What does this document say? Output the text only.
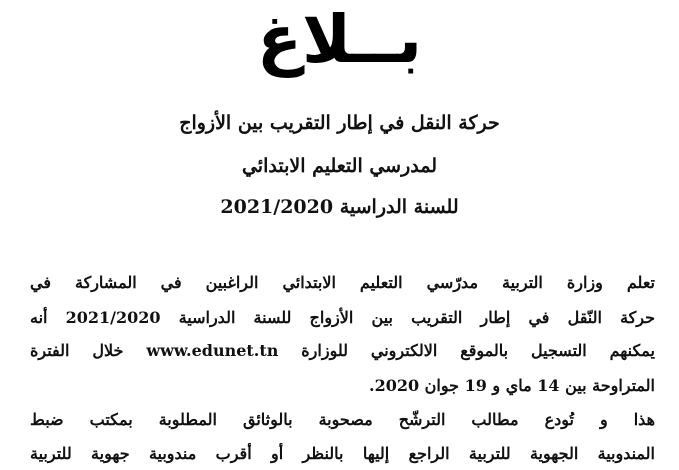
بــلاغ
حركة النقل في إطار التقريب بين الأزواج
لمدرسي التعليم الابتدائي
للسنة الدراسية 2021/2020
تعلم وزارة التربية مدرّسي التعليم الابتدائي الراغبين في المشاركة في
حركة النّقل في إطار التقريب بين الأزواج للسنة الدراسية 2021/2020 أنه
يمكنهم التسجيل بالموقع الالكتروني للوزارة www.edunet.tn خلال الفترة
المتراوحة بين 14 ماي و 19 جوان 2020.
هذا و تُودع مطالب الترشّح مصحوبة بالوثائق المطلوبة بمكتب ضبط
المندوبية الجهوية للتربية الراجع إليها بالنظر أو أقرب مندوبية جهوية للتربية
